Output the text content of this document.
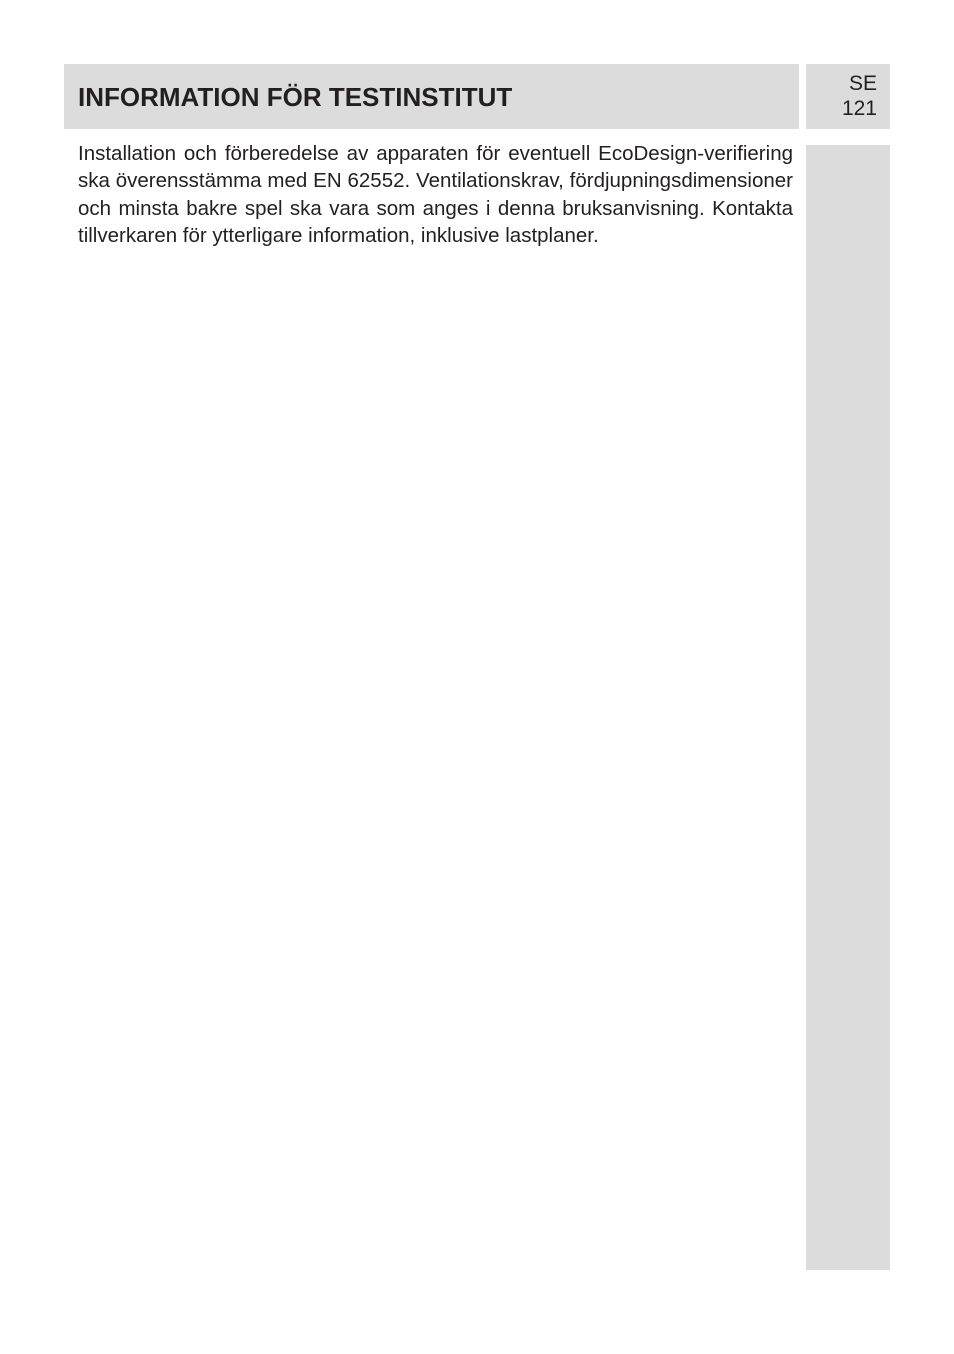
INFORMATION FÖR TESTINSTITUT	SE
121

Installation och förberedelse av apparaten för eventuell EcoDesign-verifiering ska överensstämma med EN 62552. Ventilationskrav, fördjupningsdimensioner och minsta bakre spel ska vara som anges i denna bruksanvisning. Kontakta tillverkaren för ytterligare information, inklusive lastplaner.
